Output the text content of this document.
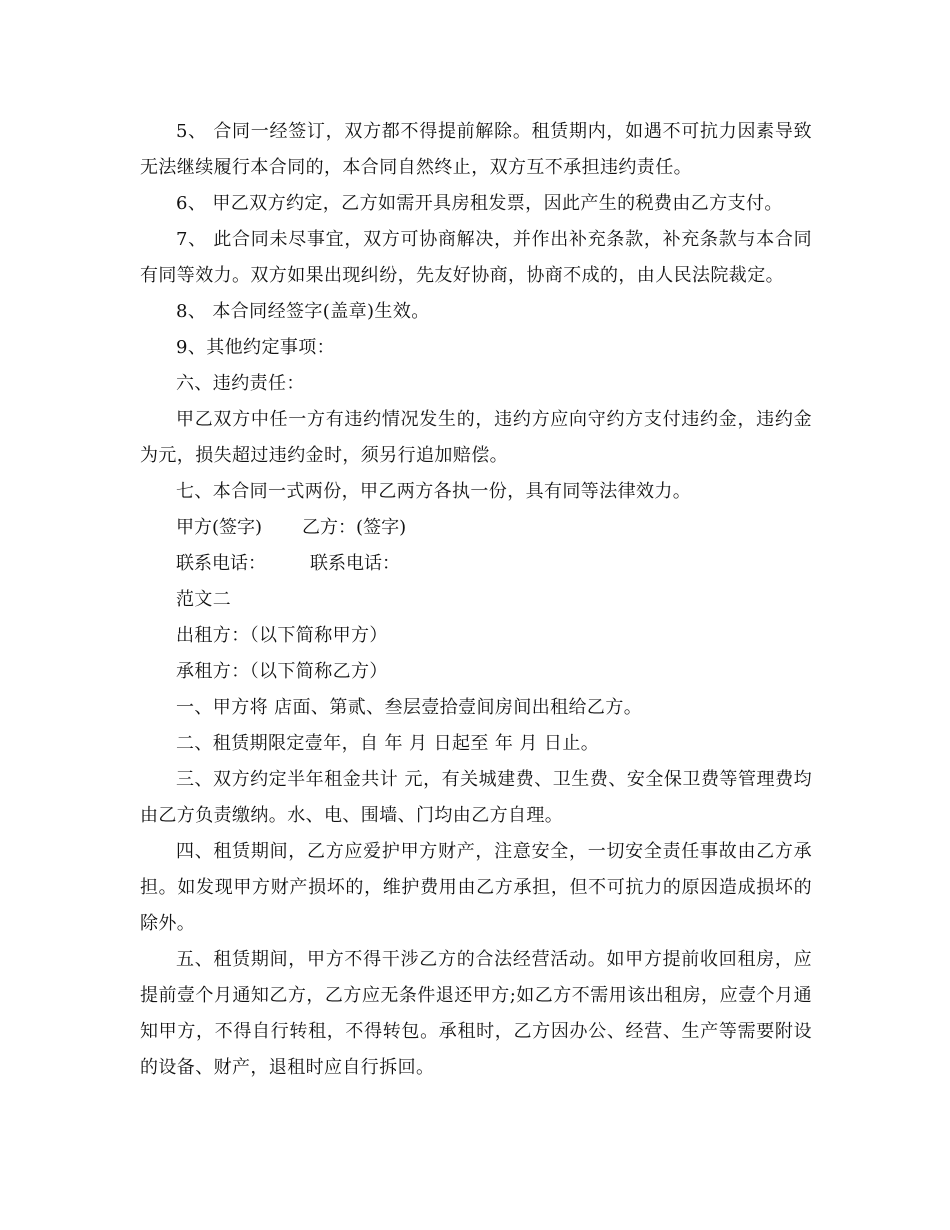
5、 合同一经签订，双方都不得提前解除。租赁期内，如遇不可抗力因素导致无法继续履行本合同的，本合同自然终止，双方互不承担违约责任。

6、 甲乙双方约定，乙方如需开具房租发票，因此产生的税费由乙方支付。

7、 此合同未尽事宜，双方可协商解决，并作出补充条款，补充条款与本合同有同等效力。双方如果出现纠纷，先友好协商，协商不成的，由人民法院裁定。

8、 本合同经签字(盖章)生效。

9、其他约定事项：

六、违约责任：

甲乙双方中任一方有违约情况发生的，违约方应向守约方支付违约金，违约金为元，损失超过违约金时，须另行追加赔偿。

七、本合同一式两份，甲乙两方各执一份，具有同等法律效力。

甲方(签字) 乙方：(签字)
联系电话： 联系电话：

范文二

出租方：（以下简称甲方）

承租方：（以下简称乙方）

一、甲方将 店面、第贰、叁层壹拾壹间房间出租给乙方。

二、租赁期限定壹年，自 年 月 日起至 年 月 日止。

三、双方约定半年租金共计 元，有关城建费、卫生费、安全保卫费等管理费均由乙方负责缴纳。水、电、围墙、门均由乙方自理。

四、租赁期间，乙方应爱护甲方财产，注意安全，一切安全责任事故由乙方承担。如发现甲方财产损坏的，维护费用由乙方承担，但不可抗力的原因造成损坏的除外。

五、租赁期间，甲方不得干涉乙方的合法经营活动。如甲方提前收回租房，应提前壹个月通知乙方，乙方应无条件退还甲方;如乙方不需用该出租房，应壹个月通知甲方，不得自行转租，不得转包。承租时，乙方因办公、经营、生产等需要附设的设备、财产，退租时应自行拆回。
